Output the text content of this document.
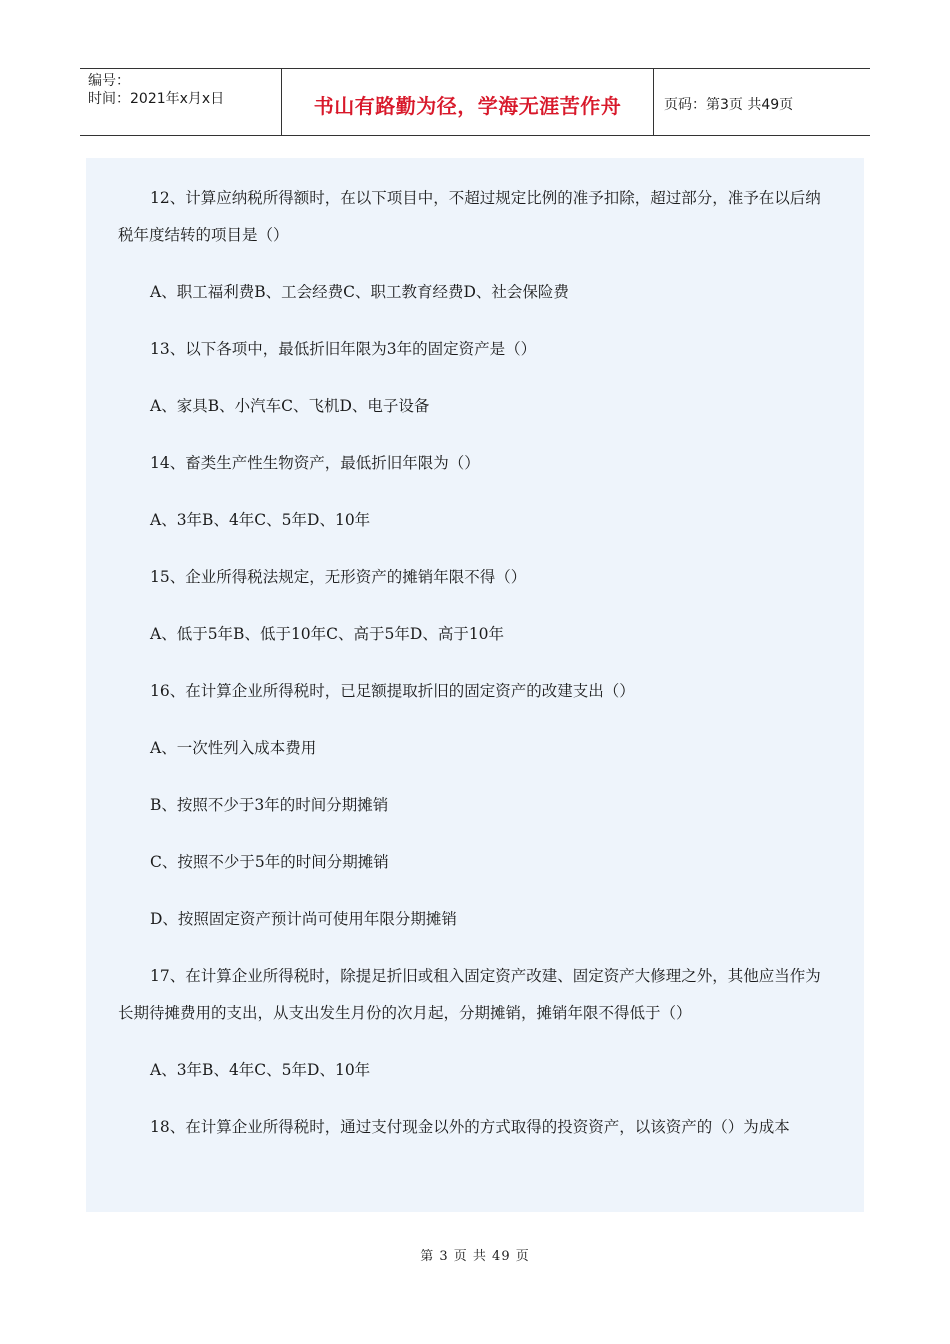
编号：
时间：2021年x月x日	书山有路勤为径，学海无涯苦作舟	页码：第3页 共49页

12、计算应纳税所得额时，在以下项目中，不超过规定比例的准予扣除，超过部分，准予在以后纳税年度结转的项目是（）

A、职工福利费B、工会经费C、职工教育经费D、社会保险费

13、以下各项中，最低折旧年限为3年的固定资产是（）

A、家具B、小汽车C、飞机D、电子设备

14、畜类生产性生物资产，最低折旧年限为（）

A、3年B、4年C、5年D、10年

15、企业所得税法规定，无形资产的摊销年限不得（）

A、低于5年B、低于10年C、高于5年D、高于10年

16、在计算企业所得税时，已足额提取折旧的固定资产的改建支出（）

A、一次性列入成本费用

B、按照不少于3年的时间分期摊销

C、按照不少于5年的时间分期摊销

D、按照固定资产预计尚可使用年限分期摊销

17、在计算企业所得税时，除提足折旧或租入固定资产改建、固定资产大修理之外，其他应当作为长期待摊费用的支出，从支出发生月份的次月起，分期摊销，摊销年限不得低于（）

A、3年B、4年C、5年D、10年

18、在计算企业所得税时，通过支付现金以外的方式取得的投资资产，以该资产的（）为成本

第 3 页 共 49 页
